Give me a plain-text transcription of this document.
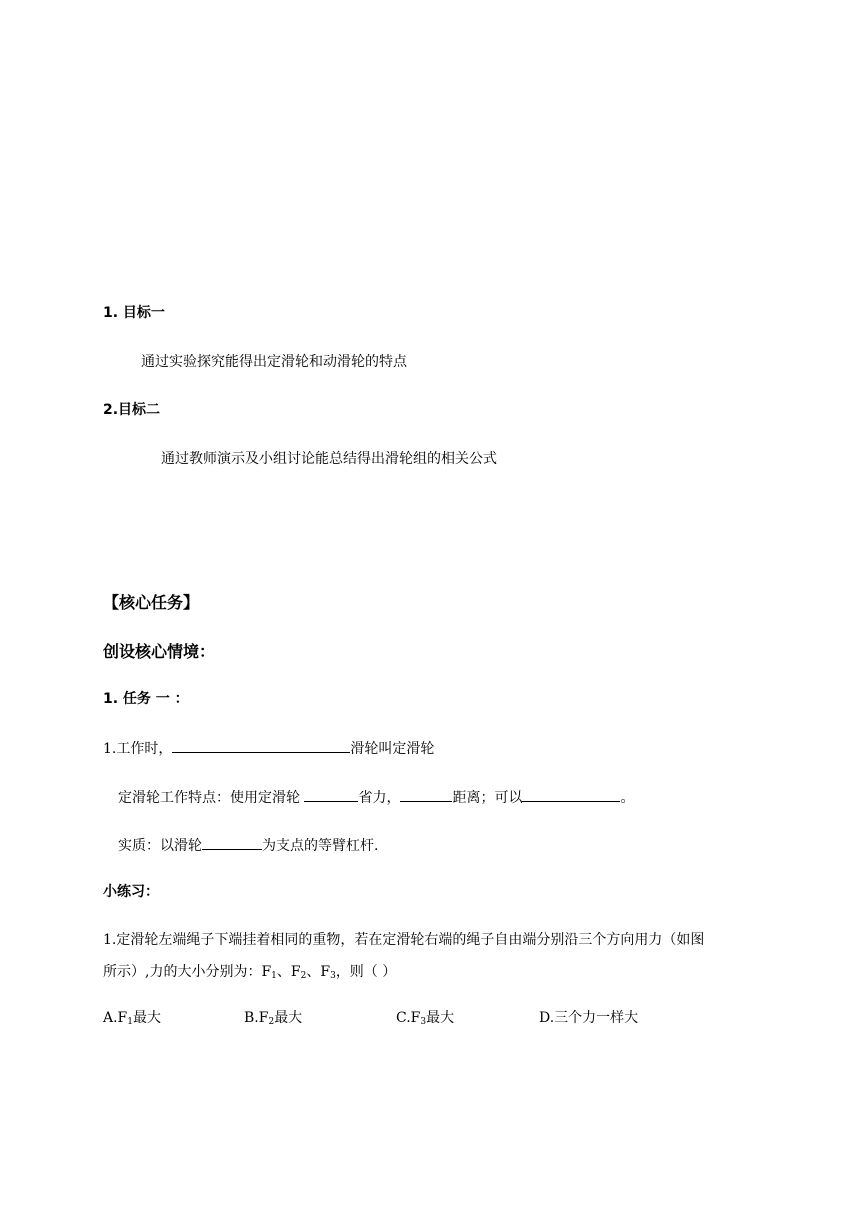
1. 目标一
通过实验探究能得出定滑轮和动滑轮的特点
2.目标二
通过教师演示及小组讨论能总结得出滑轮组的相关公式
【核心任务】
创设核心情境：
1. 任务 一 ：
1.工作时，	滑轮叫定滑轮
定滑轮工作特点：使用定滑轮	省力，	距离；可以	。
实质：以滑轮	为支点的等臂杠杆.
小练习：
1.定滑轮左端绳子下端挂着相同的重物，若在定滑轮右端的绳子自由端分别沿三个方向用力（如图
所示）,力的大小分别为：$F_1$、$F_2$、$F_3$，则（ ）
$A.F_1$最大	$B.F_2$最大	$C.F_3$最大	D.三个力一样大
